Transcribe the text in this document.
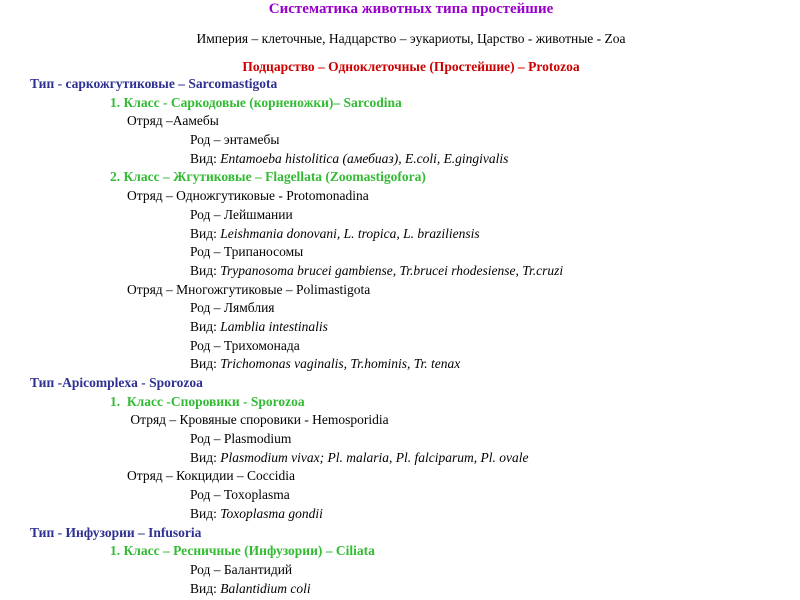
Систематика животных типа простейшие
Империя – клеточные, Надцарство – эукариоты, Царство - животные - Zoa
Подцарство – Одноклеточные (Простейшие) – Protozoa
Тип - саркожгутиковые – Sarcomastigota
1. Класс - Саркодовые (корненожки)– Sarcodina
Отряд –Аамебы
Род – энтамебы
Вид: Entamoeba histolitica (амебиаз), E.coli, E.gingivalis
2. Класс – Жгутиковые – Flagellata (Zoomastigofora)
Отряд – Одножгутиковые - Protomonadina
Род – Лейшмании
Вид: Leishmania donovani, L. tropica, L. braziliensis
Род – Трипаносомы
Вид: Trypanosoma brucei gambiense, Tr.brucei rhodesiense, Tr.cruzi
Отряд – Многожгутиковые – Polimastigota
Род – Лямблия
Вид: Lamblia intestinalis
Род – Трихомонада
Вид: Trichomonas vaginalis, Tr.hominis, Tr. tenax
Тип -Apicomplexa - Sporozoa
1.  Класс -Споровики - Sporozoa
Отряд – Кровяные споровики - Hemosporidia
Род – Plasmodium
Вид: Plasmodium vivax; Pl. malaria, Pl. falciparum, Pl. ovale
Отряд – Кокцидии – Coccidia
Род – Toxoplasma
Вид: Toxoplasma gondii
Тип - Инфузории – Infusoria
1. Класс – Ресничные (Инфузории) – Ciliata
Род – Балантидий
Вид: Balantidium coli
